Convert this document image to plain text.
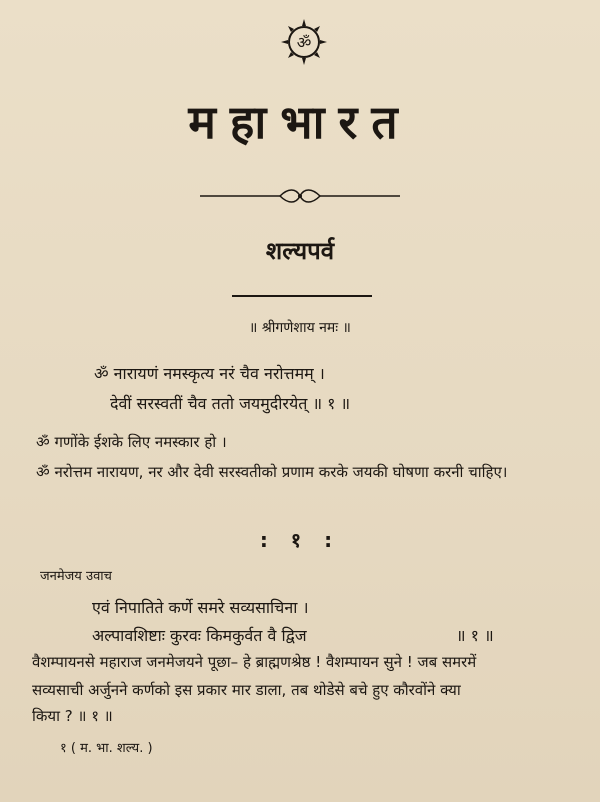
ॐ
महाभारत
शल्यपर्व
॥ श्रीगणेशाय नमः ॥
ॐ नारायणं नमस्कृत्य नरं चैव नरोत्तमम् ।
देवीं सरस्वतीं चैव ततो जयमुदीरयेत् ॥ १ ॥
ॐ गणोंके ईशके लिए नमस्कार हो ।
ॐ नरोत्तम नारायण, नर और देवी सरस्वतीको प्रणाम करके जयकी घोषणा करनी चाहिए।
: १ :
जनमेजय उवाच
एवं निपातिते कर्णे समरे सव्यसाचिना ।
अल्पावशिष्टाः कुरवः किमकुर्वत वै द्विज	॥ १ ॥
वैशम्पायनसे महाराज जनमेजयने पूछा– हे ब्राह्मणश्रेष्ठ ! वैशम्पायन सुने ! जब समरमें
सव्यसाची अर्जुनने कर्णको इस प्रकार मार डाला, तब थोडेसे बचे हुए कौरवोंने क्या
किया ? ॥ १ ॥
१ ( म. भा. शल्य. )
